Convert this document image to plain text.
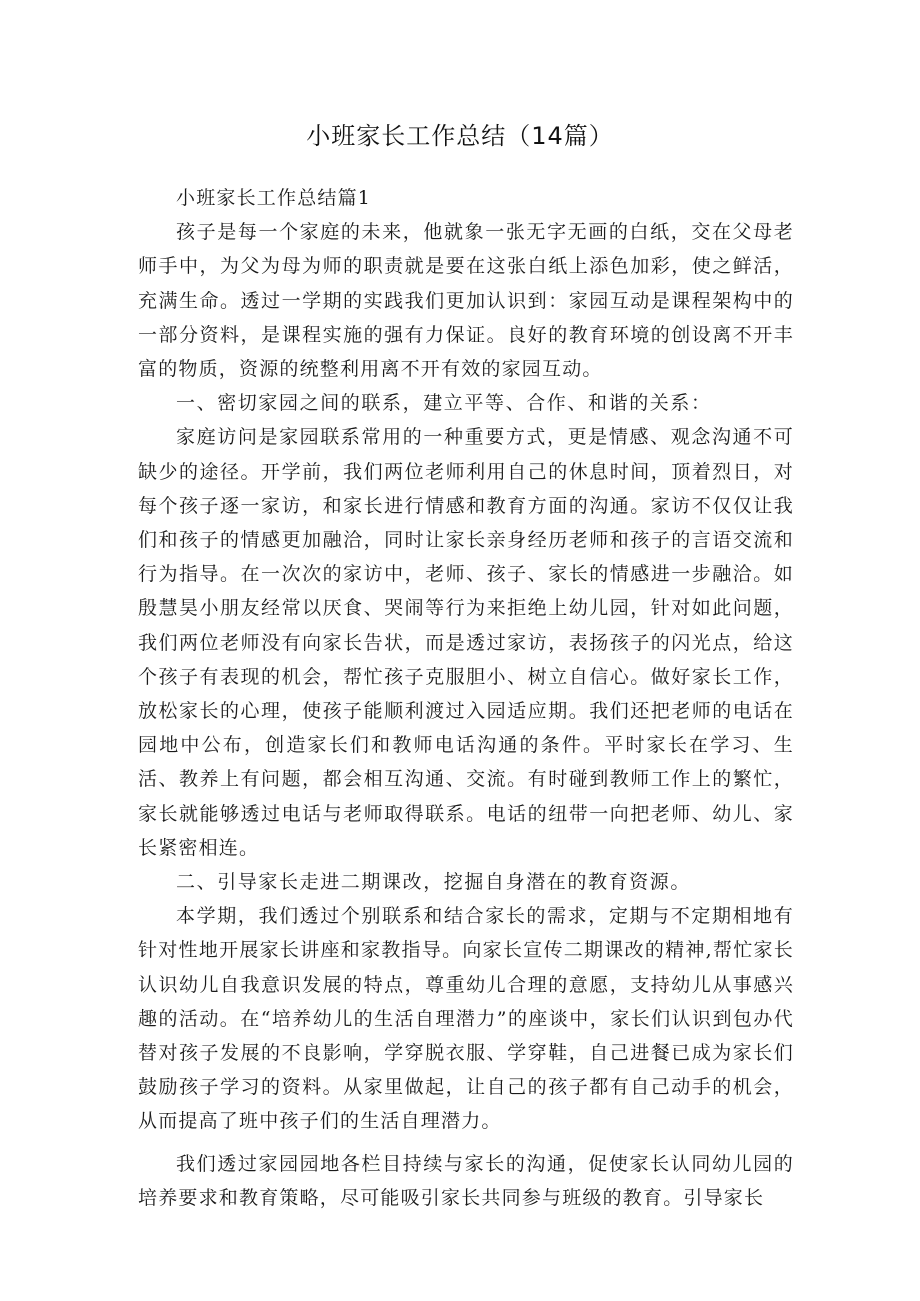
小班家长工作总结（14篇）

小班家长工作总结篇1

孩子是每一个家庭的未来，他就象一张无字无画的白纸，交在父母老师手中，为父为母为师的职责就是要在这张白纸上添色加彩，使之鲜活，充满生命。透过一学期的实践我们更加认识到：家园互动是课程架构中的一部分资料，是课程实施的强有力保证。良好的教育环境的创设离不开丰富的物质，资源的统整利用离不开有效的家园互动。

一、密切家园之间的联系，建立平等、合作、和谐的关系：

家庭访问是家园联系常用的一种重要方式，更是情感、观念沟通不可缺少的途径。开学前，我们两位老师利用自己的休息时间，顶着烈日，对每个孩子逐一家访，和家长进行情感和教育方面的沟通。家访不仅仅让我们和孩子的情感更加融洽，同时让家长亲身经历老师和孩子的言语交流和行为指导。在一次次的家访中，老师、孩子、家长的情感进一步融洽。如殷慧昊小朋友经常以厌食、哭闹等行为来拒绝上幼儿园，针对如此问题，我们两位老师没有向家长告状，而是透过家访，表扬孩子的闪光点，给这个孩子有表现的机会，帮忙孩子克服胆小、树立自信心。做好家长工作，放松家长的心理，使孩子能顺利渡过入园适应期。我们还把老师的电话在园地中公布，创造家长们和教师电话沟通的条件。平时家长在学习、生活、教养上有问题，都会相互沟通、交流。有时碰到教师工作上的繁忙，家长就能够透过电话与老师取得联系。电话的纽带一向把老师、幼儿、家长紧密相连。

二、引导家长走进二期课改，挖掘自身潜在的教育资源。

本学期，我们透过个别联系和结合家长的需求，定期与不定期相地有针对性地开展家长讲座和家教指导。向家长宣传二期课改的精神,帮忙家长认识幼儿自我意识发展的特点，尊重幼儿合理的意愿，支持幼儿从事感兴趣的活动。在“培养幼儿的生活自理潜力”的座谈中，家长们认识到包办代替对孩子发展的不良影响，学穿脱衣服、学穿鞋，自己进餐已成为家长们鼓励孩子学习的资料。从家里做起，让自己的孩子都有自己动手的机会，从而提高了班中孩子们的生活自理潜力。

我们透过家园园地各栏目持续与家长的沟通，促使家长认同幼儿园的培养要求和教育策略，尽可能吸引家长共同参与班级的教育。引导家长
